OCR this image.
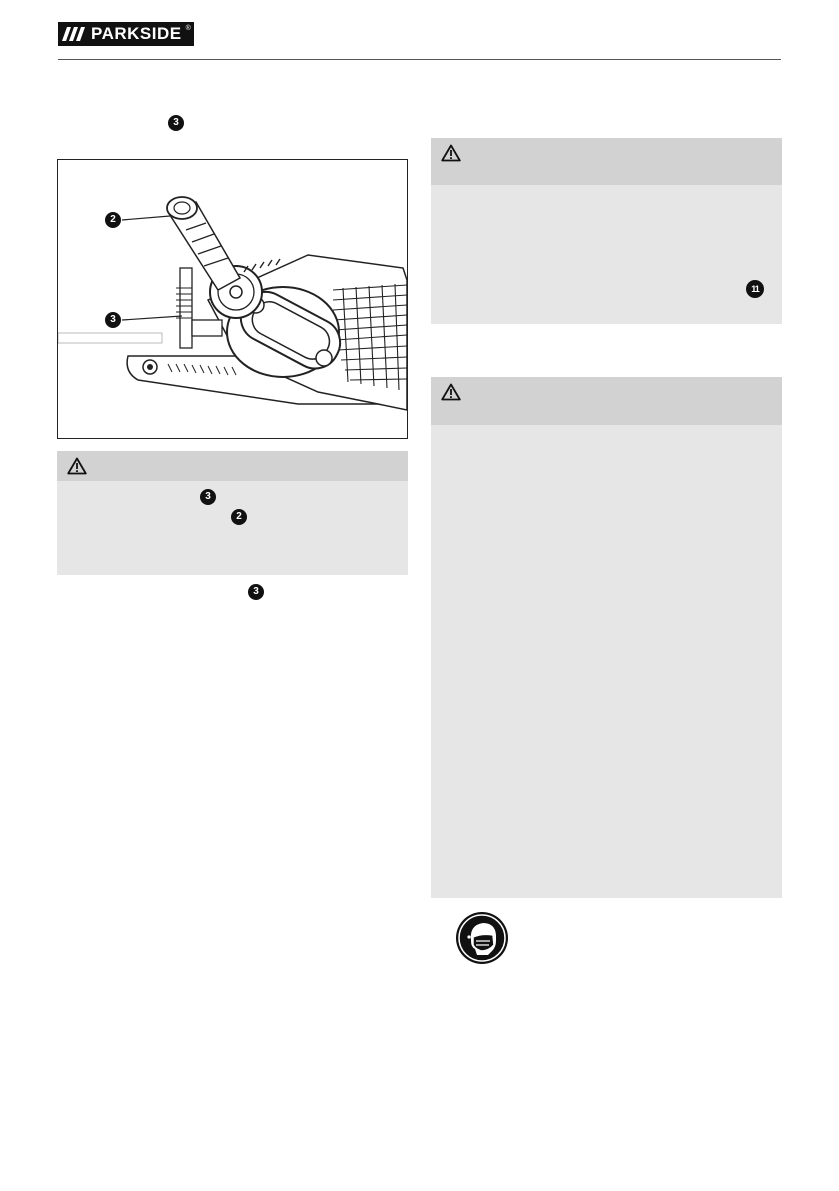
PARKSIDE ®
3
2
3
3
2
3
11
